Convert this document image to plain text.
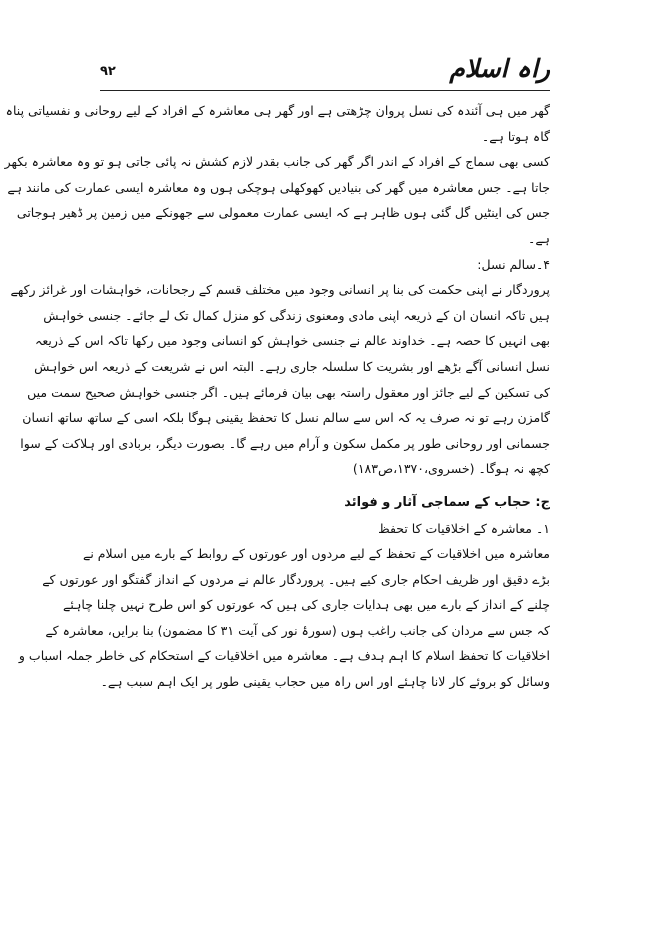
راہ اسلام
۹۲
گھر میں ہی آئندہ کی نسل پروان چڑھتی ہے اور گھر ہی معاشرہ کے افراد کے لیے روحانی و نفسیاتی پناہ
گاہ ہوتا ہے۔
کسی بھی سماج کے افراد کے اندر اگر گھر کی جانب بقدر لازم کشش نہ پائی جاتی ہو تو وہ معاشرہ بکھر
جاتا ہے۔ جس معاشرہ میں گھر کی بنیادیں کھوکھلی ہوچکی ہوں وہ معاشرہ ایسی عمارت کی مانند ہے
جس کی اینٹیں گل گئی ہوں ظاہر ہے کہ ایسی عمارت معمولی سے جھونکے میں زمین پر ڈھیر ہوجاتی
ہے۔
۴۔سالم نسل:
پروردگار نے اپنی حکمت کی بنا پر انسانی وجود میں مختلف قسم کے رجحانات، خواہشات اور غرائز رکھے
ہیں تاکہ انسان ان کے ذریعہ اپنی مادی ومعنوی زندگی کو منزل کمال تک لے جائے۔ جنسی خواہش
بھی انہیں کا حصہ ہے۔ خداوند عالم نے جنسی خواہش کو انسانی وجود میں رکھا تاکہ اس کے ذریعہ
نسل انسانی آگے بڑھے اور بشریت کا سلسلہ جاری رہے۔ البتہ اس نے شریعت کے ذریعہ اس خواہش
کی تسکین کے لیے جائز اور معقول راستہ بھی بیان فرمائے ہیں۔ اگر جنسی خواہش صحیح سمت میں
گامزن رہے تو نہ صرف یہ کہ اس سے سالم نسل کا تحفظ یقینی ہوگا بلکہ اسی کے ساتھ ساتھ انسان
جسمانی اور روحانی طور پر مکمل سکون و آرام میں رہے گا۔ بصورت دیگر، بربادی اور ہلاکت کے سوا
کچھ نہ ہوگا۔ (خسروی،۱۳۷۰،ص۱۸۳)
ج: حجاب کے سماجی آثار و فوائد
۱۔ معاشرہ کے اخلاقیات کا تحفظ
معاشرہ میں اخلاقیات کے تحفظ کے لیے مردوں اور عورتوں کے روابط کے بارے میں اسلام نے
بڑے دقیق اور ظریف احکام جاری کیے ہیں۔ پروردگار عالم نے مردوں کے انداز گفتگو اور عورتوں کے
چلنے کے انداز کے بارے میں بھی ہدایات جاری کی ہیں کہ عورتوں کو اس طرح نہیں چلنا چاہئے
کہ جس سے مردان کی جانب راغب ہوں (سورۂ نور کی آیت ۳۱ کا مضمون) بنا برایں، معاشرہ کے
اخلاقیات کا تحفظ اسلام کا اہم ہدف ہے۔ معاشرہ میں اخلاقیات کے استحکام کی خاطر جملہ اسباب و
وسائل کو بروئے کار لانا چاہئے اور اس راہ میں حجاب یقینی طور پر ایک اہم سبب ہے۔
